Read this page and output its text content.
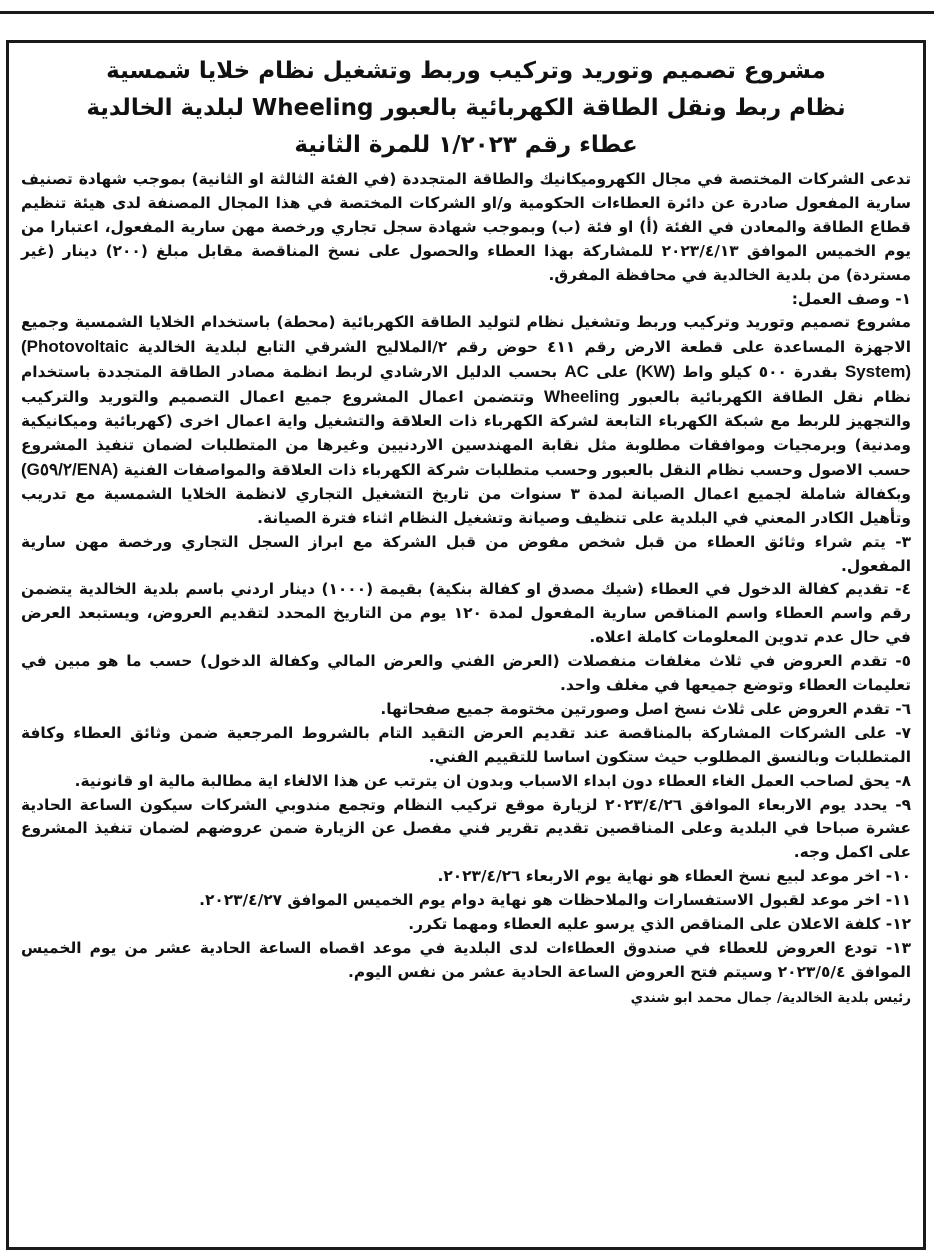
مشروع تصميم وتوريد وتركيب وربط وتشغيل نظام خلايا شمسية
نظام ربط ونقل الطاقة الكهربائية بالعبور Wheeling لبلدية الخالدية
عطاء رقم ١/٢٠٢٣ للمرة الثانية

تدعى الشركات المختصة في مجال الكهروميكانيك والطاقة المتجددة (في الفئة الثالثة او الثانية) بموجب شهادة تصنيف سارية المفعول صادرة عن دائرة العطاءات الحكومية و/او الشركات المختصة في هذا المجال المصنفة لدى هيئة تنظيم قطاع الطاقة والمعادن في الفئة (أ) او فئة (ب) وبموجب شهادة سجل تجاري ورخصة مهن سارية المفعول، اعتبارا من يوم الخميس الموافق ٢٠٢٣/٤/١٣ للمشاركة بهذا العطاء والحصول على نسخ المناقصة مقابل مبلغ (٢٠٠) دينار (غير مستردة) من بلدية الخالدية في محافظة المفرق.

١- وصف العمل:

مشروع تصميم وتوريد وتركيب وربط وتشغيل نظام لتوليد الطاقة الكهربائية (محطة) باستخدام الخلايا الشمسية وجميع الاجهزة المساعدة على قطعة الارض رقم ٤١١ حوض رقم ٢/الملاليح الشرقي التابع لبلدية الخالدية (Photovoltaic System) بقدرة ٥٠٠ كيلو واط (KW) على AC بحسب الدليل الارشادي لربط انظمة مصادر الطاقة المتجددة باستخدام نظام نقل الطاقة الكهربائية بالعبور Wheeling وتتضمن اعمال المشروع جميع اعمال التصميم والتوريد والتركيب والتجهيز للربط مع شبكة الكهرباء التابعة لشركة الكهرباء ذات العلاقة والتشغيل واية اعمال اخرى (كهربائية وميكانيكية ومدنية) وبرمجيات وموافقات مطلوبة مثل نقابة المهندسين الاردنيين وغيرها من المتطلبات لضمان تنفيذ المشروع حسب الاصول وحسب نظام النقل بالعبور وحسب متطلبات شركة الكهرباء ذات العلاقة والمواصفات الفنية (G٥٩/٢/ENA) وبكفالة شاملة لجميع اعمال الصيانة لمدة ٣ سنوات من تاريخ التشغيل التجاري لانظمة الخلايا الشمسية مع تدريب وتأهيل الكادر المعني في البلدية على تنظيف وصيانة وتشغيل النظام اثناء فترة الصيانة.

٣- يتم شراء وثائق العطاء من قبل شخص مفوض من قبل الشركة مع ابراز السجل التجاري ورخصة مهن سارية المفعول.

٤- تقديم كفالة الدخول في العطاء (شيك مصدق او كفالة بنكية) بقيمة (١٠٠٠) دينار اردني باسم بلدية الخالدية يتضمن رقم واسم العطاء واسم المناقص سارية المفعول لمدة ١٢٠ يوم من التاريخ المحدد لتقديم العروض، ويستبعد العرض في حال عدم تدوين المعلومات كاملة اعلاه.

٥- تقدم العروض في ثلاث مغلفات منفصلات (العرض الفني والعرض المالي وكفالة الدخول) حسب ما هو مبين في تعليمات العطاء وتوضع جميعها في مغلف واحد.

٦- تقدم العروض على ثلاث نسخ اصل وصورتين مختومة جميع صفحاتها.

٧- على الشركات المشاركة بالمناقصة عند تقديم العرض التقيد التام بالشروط المرجعية ضمن وثائق العطاء وكافة المتطلبات وبالنسق المطلوب حيث ستكون اساسا للتقييم الفني.

٨- يحق لصاحب العمل الغاء العطاء دون ابداء الاسباب وبدون ان يترتب عن هذا الالغاء اية مطالبة مالية او قانونية.

٩- يحدد يوم الاربعاء الموافق ٢٠٢٣/٤/٢٦ لزيارة موقع تركيب النظام وتجمع مندوبي الشركات سيكون الساعة الحادية عشرة صباحا في البلدية وعلى المناقصين تقديم تقرير فني مفصل عن الزيارة ضمن عروضهم لضمان تنفيذ المشروع على اكمل وجه.

١٠- اخر موعد لبيع نسخ العطاء هو نهاية يوم الاربعاء ٢٠٢٣/٤/٢٦.

١١- اخر موعد لقبول الاستفسارات والملاحظات هو نهاية دوام يوم الخميس الموافق ٢٠٢٣/٤/٢٧.

١٢- كلفة الاعلان على المناقص الذي يرسو عليه العطاء ومهما تكرر.

١٣- تودع العروض للعطاء في صندوق العطاءات لدى البلدية في موعد اقصاه الساعة الحادية عشر من يوم الخميس الموافق ٢٠٢٣/٥/٤ وسيتم فتح العروض الساعة الحادية عشر من نفس اليوم.

رئيس بلدية الخالدية/ جمال محمد ابو شندي
